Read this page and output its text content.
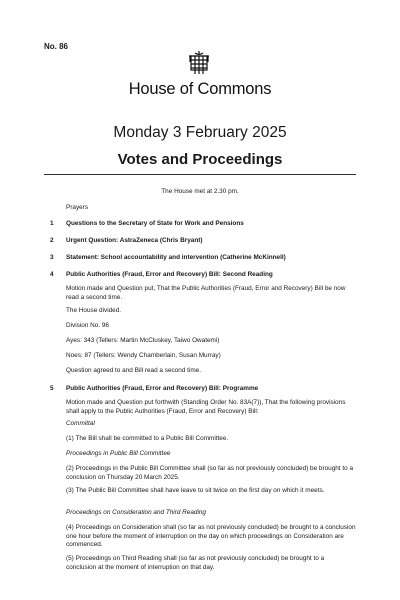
No. 86
House of Commons
Monday 3 February 2025
Votes and Proceedings
The House met at 2.30 pm.
Prayers
1 Questions to the Secretary of State for Work and Pensions
2 Urgent Question: AstraZeneca (Chris Bryant)
3 Statement: School accountability and intervention (Catherine McKinnell)
4 Public Authorities (Fraud, Error and Recovery) Bill: Second Reading
Motion made and Question put, That the Public Authorities (Fraud, Error and Recovery) Bill be now read a second time.
The House divided.
Division No. 96
Ayes: 343 (Tellers: Martin McCluskey, Taiwo Owatemi)
Noes: 87 (Tellers: Wendy Chamberlain, Susan Murray)
Question agreed to and Bill read a second time.
5 Public Authorities (Fraud, Error and Recovery) Bill: Programme
Motion made and Question put forthwith (Standing Order No. 83A(7)), That the following provisions shall apply to the Public Authorities (Fraud, Error and Recovery) Bill:
Committal
(1) The Bill shall be committed to a Public Bill Committee.
Proceedings in Public Bill Committee
(2) Proceedings in the Public Bill Committee shall (so far as not previously concluded) be brought to a conclusion on Thursday 20 March 2025.
(3) The Public Bill Committee shall have leave to sit twice on the first day on which it meets.
Proceedings on Consideration and Third Reading
(4) Proceedings on Consideration shall (so far as not previously concluded) be brought to a conclusion one hour before the moment of interruption on the day on which proceedings on Consideration are commenced.
(5) Proceedings on Third Reading shall (so far as not previously concluded) be brought to a conclusion at the moment of interruption on that day.
